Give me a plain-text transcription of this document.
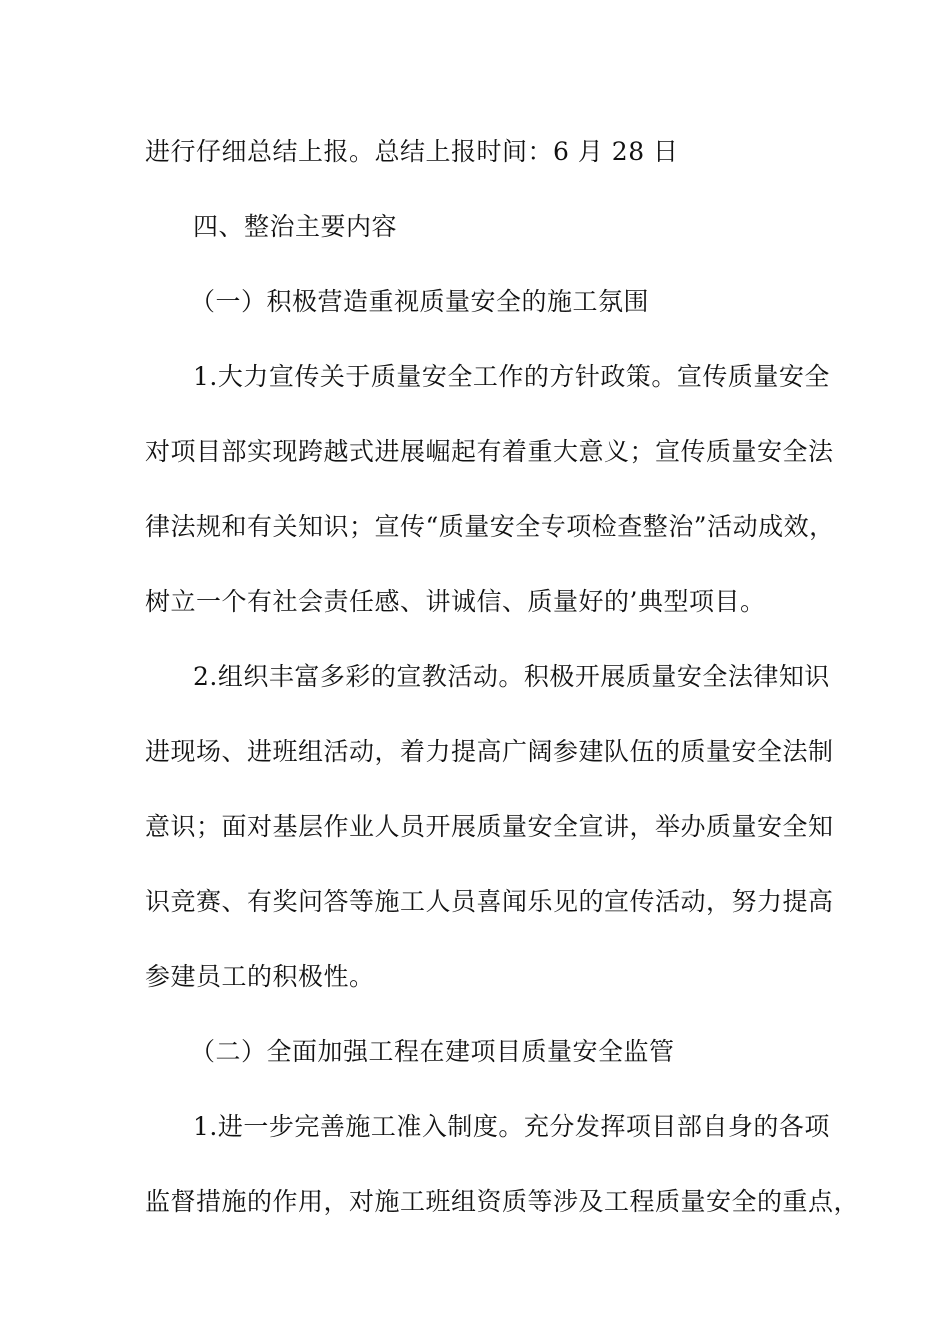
进行仔细总结上报。总结上报时间：6 月 28 日
四、整治主要内容
（一）积极营造重视质量安全的施工氛围
1.大力宣传关于质量安全工作的方针政策。宣传质量安全
对项目部实现跨越式进展崛起有着重大意义；宣传质量安全法
律法规和有关知识；宣传“质量安全专项检查整治”活动成效，
树立一个有社会责任感、讲诚信、质量好的’典型项目。
2.组织丰富多彩的宣教活动。积极开展质量安全法律知识
进现场、进班组活动，着力提高广阔参建队伍的质量安全法制
意识；面对基层作业人员开展质量安全宣讲，举办质量安全知
识竞赛、有奖问答等施工人员喜闻乐见的宣传活动，努力提高
参建员工的积极性。
（二）全面加强工程在建项目质量安全监管
1.进一步完善施工准入制度。充分发挥项目部自身的各项
监督措施的作用，对施工班组资质等涉及工程质量安全的重点，
